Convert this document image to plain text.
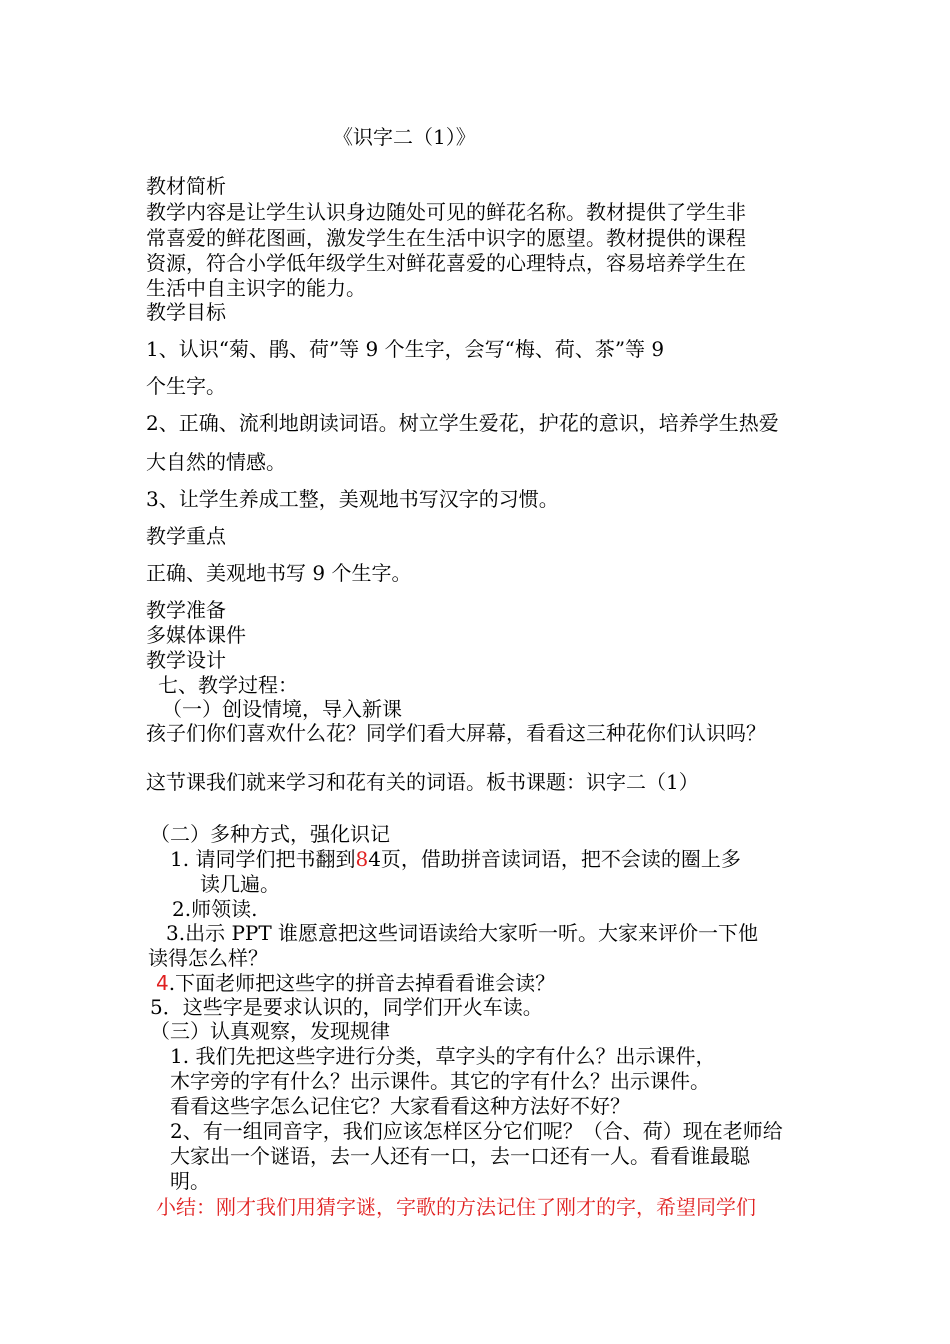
《识字二（1）》
教材简析
教学内容是让学生认识身边随处可见的鲜花名称。教材提供了学生非
常喜爱的鲜花图画，激发学生在生活中识字的愿望。教材提供的课程
资源，符合小学低年级学生对鲜花喜爱的心理特点，容易培养学生在
生活中自主识字的能力。
教学目标
1、认识“菊、鹃、荷”等 9 个生字，会写“梅、荷、茶”等 9
个生字。
2、正确、流利地朗读词语。树立学生爱花，护花的意识，培养学生热爱
大自然的情感。
3、让学生养成工整，美观地书写汉字的习惯。
教学重点
正确、美观地书写 9 个生字。
教学准备
多媒体课件
教学设计
七、教学过程：
（一）创设情境，导入新课
孩子们你们喜欢什么花？同学们看大屏幕，看看这三种花你们认识吗？
这节课我们就来学习和花有关的词语。板书课题：识字二（1）
（二）多种方式，强化识记
1. 请同学们把书翻到84页，借助拼音读词语，把不会读的圈上多
读几遍。
2.师领读.
3.出示 PPT 谁愿意把这些词语读给大家听一听。大家来评价一下他
读得怎么样？
4.下面老师把这些字的拼音去掉看看谁会读？
5．这些字是要求认识的，同学们开火车读。
（三）认真观察，发现规律
1. 我们先把这些字进行分类，草字头的字有什么？出示课件，
木字旁的字有什么？出示课件。其它的字有什么？出示课件。
看看这些字怎么记住它？大家看看这种方法好不好？
2、有一组同音字，我们应该怎样区分它们呢？（合、荷）现在老师给
大家出一个谜语，去一人还有一口，去一口还有一人。看看谁最聪
明。
小结：刚才我们用猜字谜，字歌的方法记住了刚才的字，希望同学们
